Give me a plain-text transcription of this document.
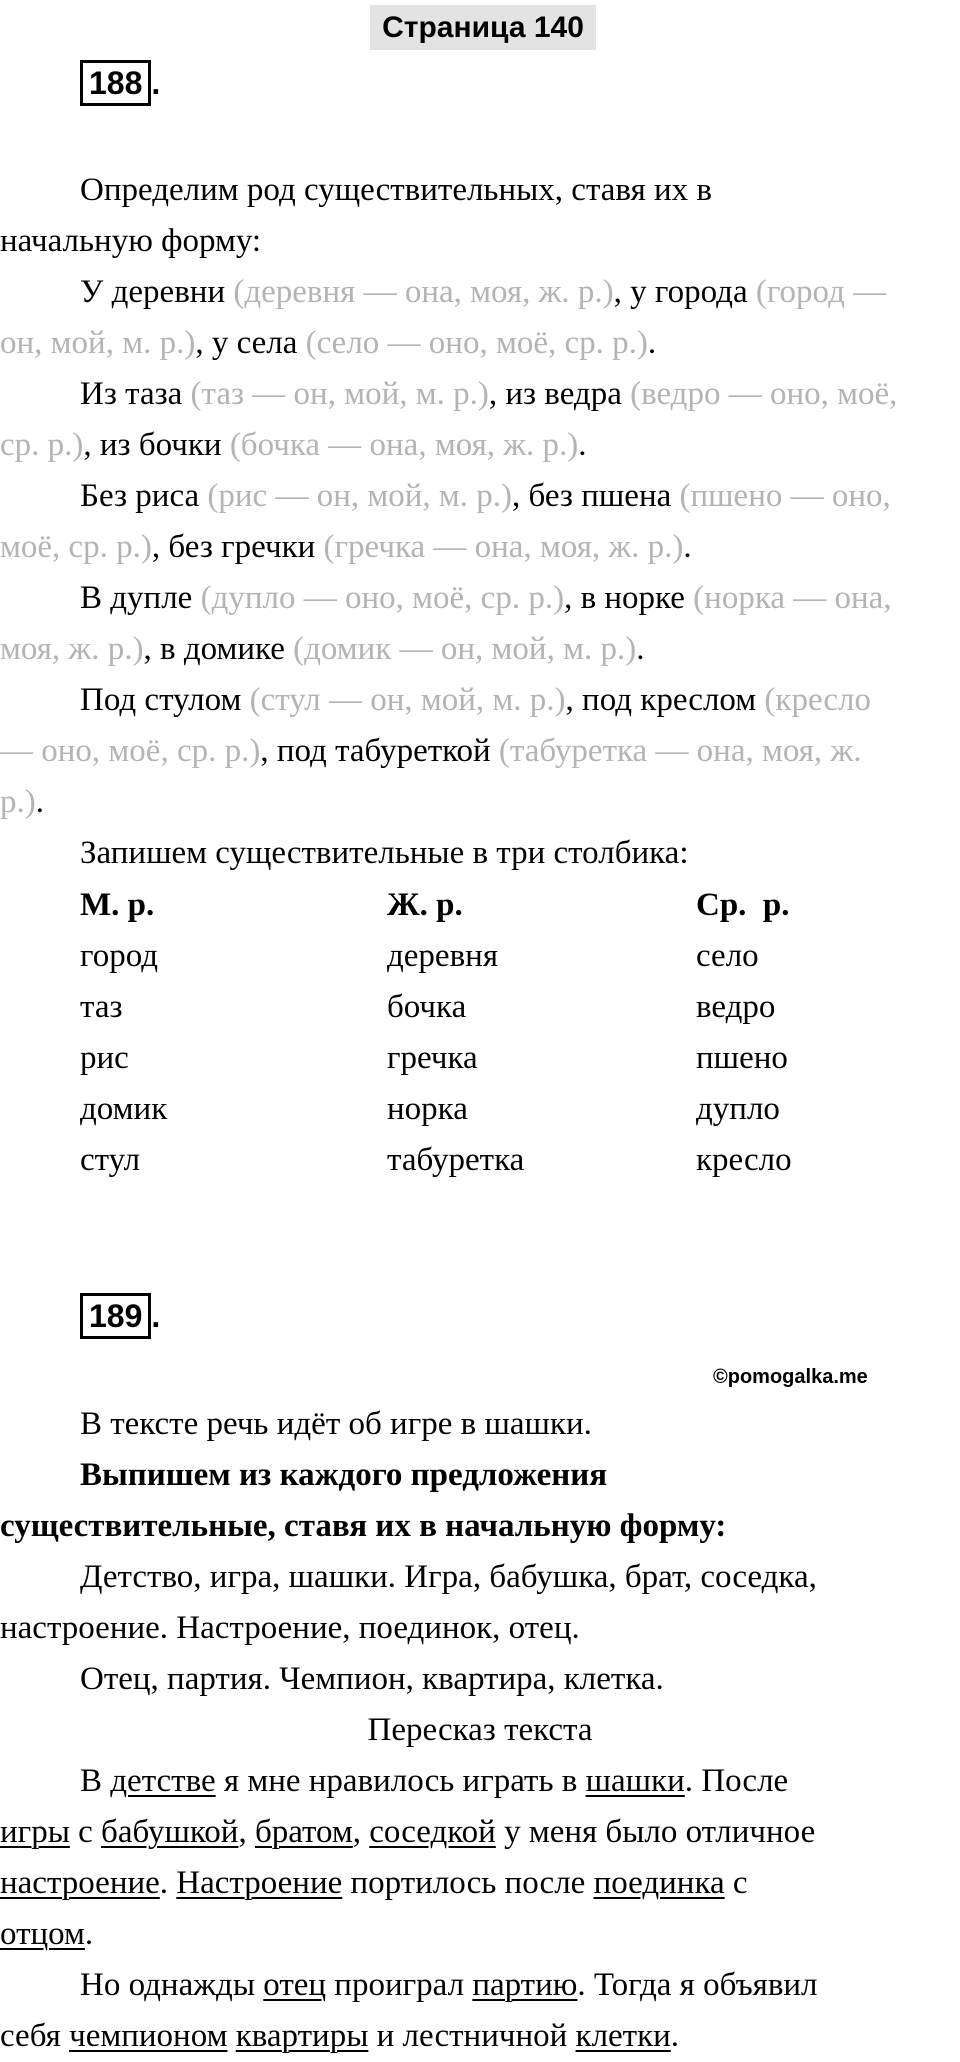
Страница 140
188 .
Определим род существительных, ставя их в
начальную форму:
У деревни (деревня — она, моя, ж. р.), у города (город —
он, мой, м. р.), у села (село — оно, моё, ср. р.).
Из таза (таз — он, мой, м. р.), из ведра (ведро — оно, моё,
ср. р.), из бочки (бочка — она, моя, ж. р.).
Без риса (рис — он, мой, м. р.), без пшена (пшено — оно,
моё, ср. р.), без гречки (гречка — она, моя, ж. р.).
В дупле (дупло — оно, моё, ср. р.), в норке (норка — она,
моя, ж. р.), в домике (домик — он, мой, м. р.).
Под стулом (стул — он, мой, м. р.), под креслом (кресло
— оно, моё, ср. р.), под табуреткой (табуретка — она, моя, ж.
р.).
Запишем существительные в три столбика:
М. р.
город
таз
рис
домик
стул
Ж. р.
деревня
бочка
гречка
норка
табуретка
Ср.  р.
село
ведро
пшено
дупло
кресло
189 .
©pomogalka.me
В тексте речь идёт об игре в шашки.
Выпишем из каждого предложения
существительные, ставя их в начальную форму:
Детство, игра, шашки. Игра, бабушка, брат, соседка,
настроение. Настроение, поединок, отец.
Отец, партия. Чемпион, квартира, клетка.
Пересказ текста
В детстве я мне нравилось играть в шашки. После
игры с бабушкой, братом, соседкой у меня было отличное
настроение. Настроение портилось после поединка с
отцом.
Но однажды отец проиграл партию. Тогда я объявил
себя чемпионом квартиры и лестничной клетки.
